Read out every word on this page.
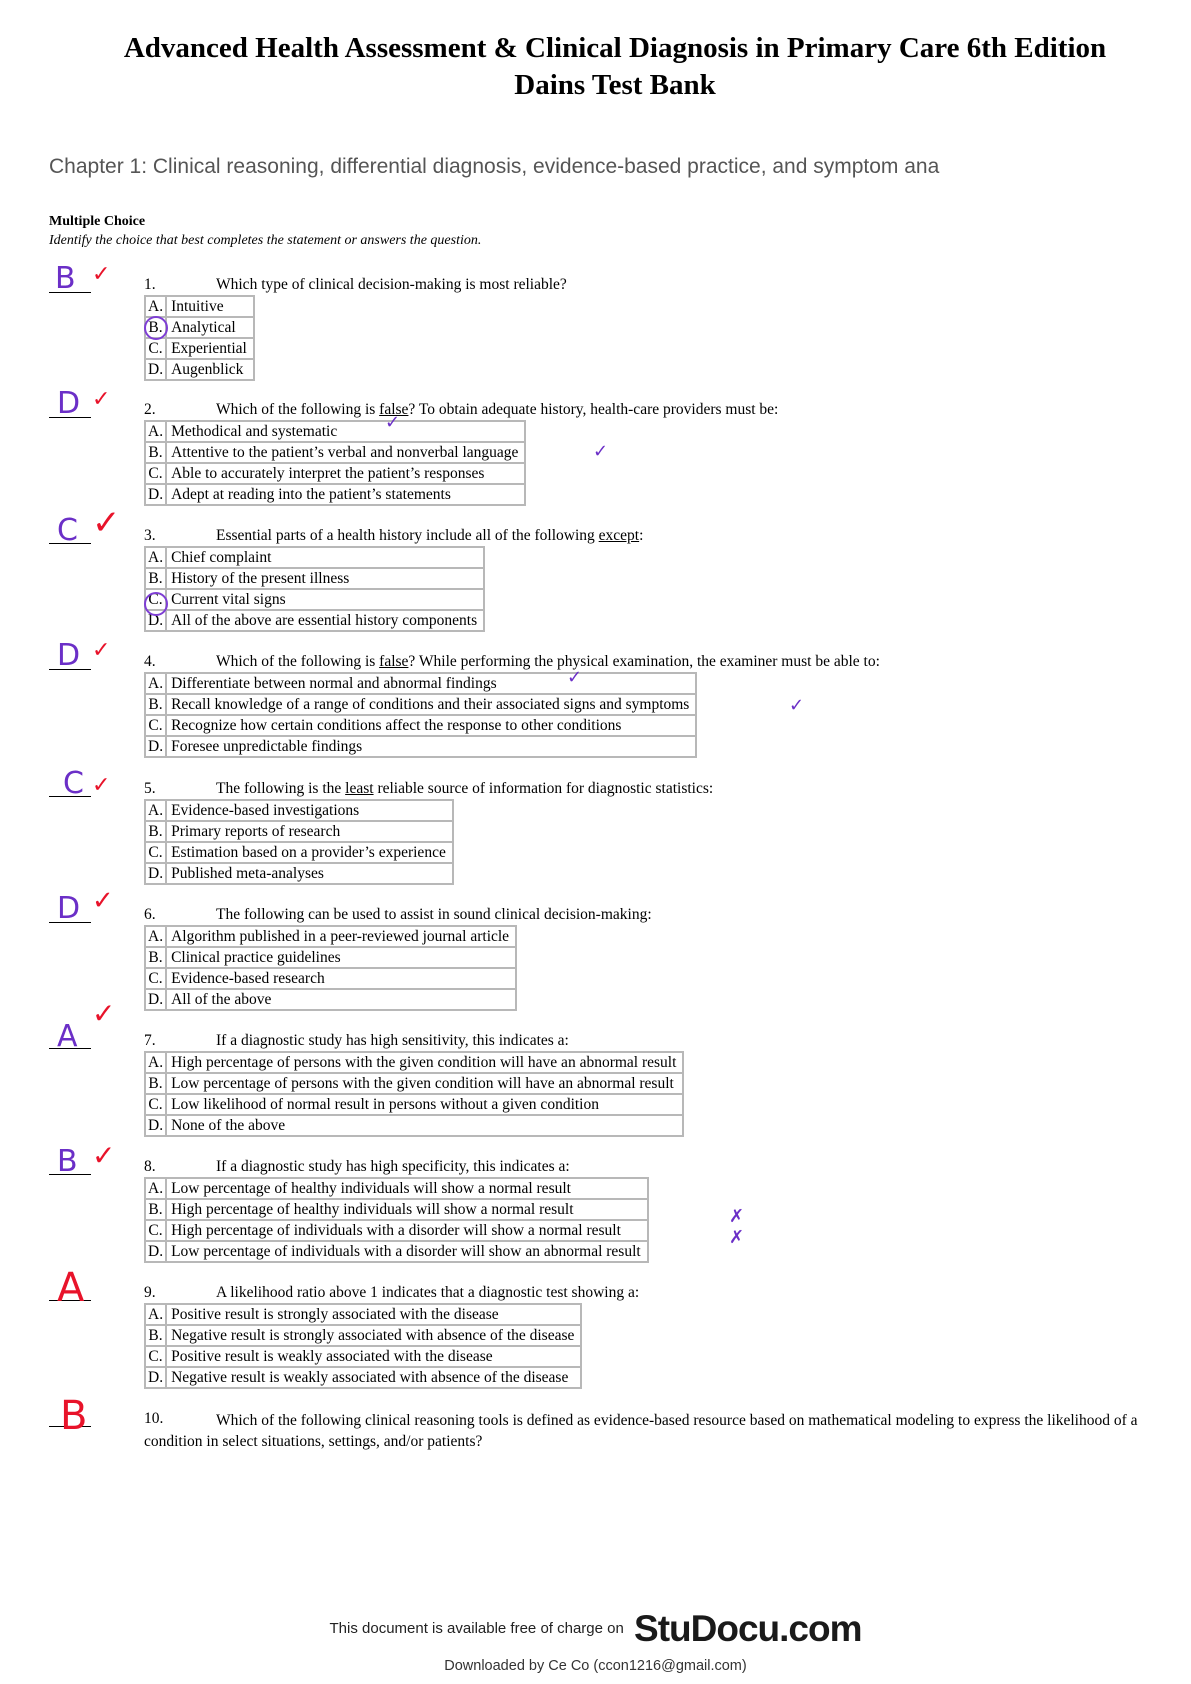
Advanced Health Assessment & Clinical Diagnosis in Primary Care 6th Edition
Dains Test Bank
Chapter 1: Clinical reasoning, differential diagnosis, evidence-based practice, and symptom ana
Multiple Choice
Identify the choice that best completes the statement or answers the question.
1.	Which type of clinical decision-making is most reliable?
A.	Intuitive
B.	Analytical
C.	Experiential
D.	Augenblick
2.	Which of the following is false? To obtain adequate history, health-care providers must be:
A.	Methodical and systematic
B.	Attentive to the patient’s verbal and nonverbal language
C.	Able to accurately interpret the patient’s responses
D.	Adept at reading into the patient’s statements
3.	Essential parts of a health history include all of the following except:
A.	Chief complaint
B.	History of the present illness
C.	Current vital signs
D.	All of the above are essential history components
4.	Which of the following is false? While performing the physical examination, the examiner must be able to:
A.	Differentiate between normal and abnormal findings
B.	Recall knowledge of a range of conditions and their associated signs and symptoms
C.	Recognize how certain conditions affect the response to other conditions
D.	Foresee unpredictable findings
5.	The following is the least reliable source of information for diagnostic statistics:
A.	Evidence-based investigations
B.	Primary reports of research
C.	Estimation based on a provider’s experience
D.	Published meta-analyses
6.	The following can be used to assist in sound clinical decision-making:
A.	Algorithm published in a peer-reviewed journal article
B.	Clinical practice guidelines
C.	Evidence-based research
D.	All of the above
7.	If a diagnostic study has high sensitivity, this indicates a:
A.	High percentage of persons with the given condition will have an abnormal result
B.	Low percentage of persons with the given condition will have an abnormal result
C.	Low likelihood of normal result in persons without a given condition
D.	None of the above
8.	If a diagnostic study has high specificity, this indicates a:
A.	Low percentage of healthy individuals will show a normal result
B.	High percentage of healthy individuals will show a normal result
C.	High percentage of individuals with a disorder will show a normal result
D.	Low percentage of individuals with a disorder will show an abnormal result
9.	A likelihood ratio above 1 indicates that a diagnostic test showing a:
A.	Positive result is strongly associated with the disease
B.	Negative result is strongly associated with absence of the disease
C.	Positive result is weakly associated with the disease
D.	Negative result is weakly associated with absence of the disease
10.	Which of the following clinical reasoning tools is defined as evidence-based resource based on mathematical modeling to express the likelihood of a condition in select situations, settings, and/or patients?
B
D
C
D
C
D
A
B
A
B
✓
✓
✓
✓
✓
✓
✓
✓
✓
✓
✓
✓
✗
✗
This document is available free of charge on StuDocu.com
Downloaded by Ce Co (ccon1216@gmail.com)
